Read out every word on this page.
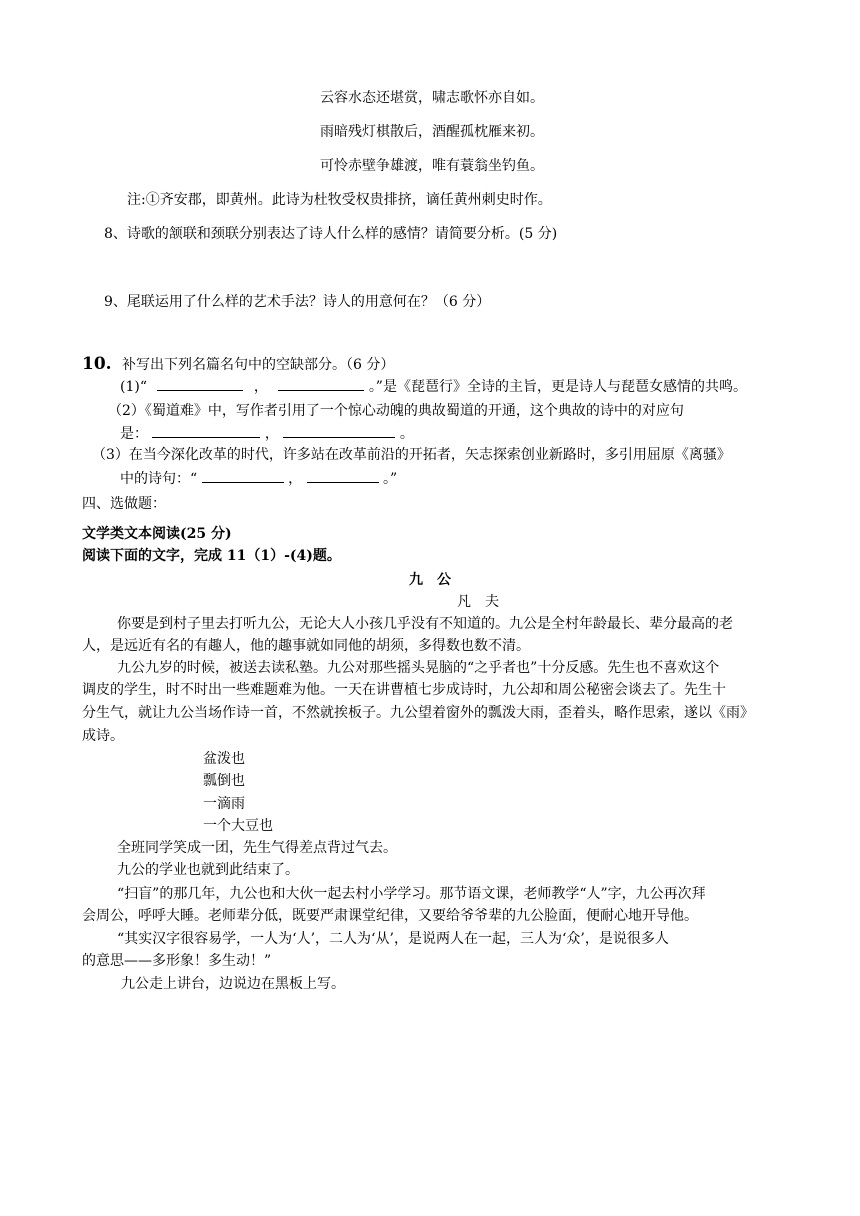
云容水态还堪赏，啸志歌怀亦自如。
雨暗残灯棋散后，酒醒孤枕雁来初。
可怜赤壁争雄渡，唯有蓑翁坐钓鱼。
注:①齐安郡，即黄州。此诗为杜牧受权贵排挤，谪任黄州刺史时作。
8、诗歌的颔联和颈联分别表达了诗人什么样的感情？请简要分析。(5 分)
9、尾联运用了什么样的艺术手法？诗人的用意何在？（6 分）
10. 补写出下列名篇名句中的空缺部分。（6 分）
(1)“	，	。”是《琵琶行》全诗的主旨，更是诗人与琵琶女感情的共鸣。
（2）《蜀道难》中，写作者引用了一个惊心动魄的典故蜀道的开通，这个典故的诗中的对应句
是：	，	。
（3）在当今深化改革的时代，许多站在改革前沿的开拓者，矢志探索创业新路时，多引用屈原《离骚》
中的诗句：“	，	。”
四、选做题：
文学类文本阅读(25 分)
阅读下面的文字，完成 11（1）-(4)题。
九　公
凡　夫
你要是到村子里去打听九公，无论大人小孩几乎没有不知道的。九公是全村年龄最长、辈分最高的老
人，是远近有名的有趣人，他的趣事就如同他的胡须，多得数也数不清。
九公九岁的时候，被送去读私塾。九公对那些摇头晃脑的“之乎者也”十分反感。先生也不喜欢这个
调皮的学生，时不时出一些难题难为他。一天在讲曹植七步成诗时，九公却和周公秘密会谈去了。先生十
分生气，就让九公当场作诗一首，不然就挨板子。九公望着窗外的瓢泼大雨，歪着头，略作思索，遂以《雨》
成诗。
盆泼也
瓢倒也
一滴雨
一个大豆也
全班同学笑成一团，先生气得差点背过气去。
九公的学业也就到此结束了。
“扫盲”的那几年，九公也和大伙一起去村小学学习。那节语文课，老师教学“人”字，九公再次拜
会周公，呼呼大睡。老师辈分低，既要严肃课堂纪律，又要给爷爷辈的九公脸面，便耐心地开导他。
“其实汉字很容易学，一人为‘人’，二人为‘从’，是说两人在一起，三人为‘众’，是说很多人
的意思——多形象！多生动！”
九公走上讲台，边说边在黑板上写。
